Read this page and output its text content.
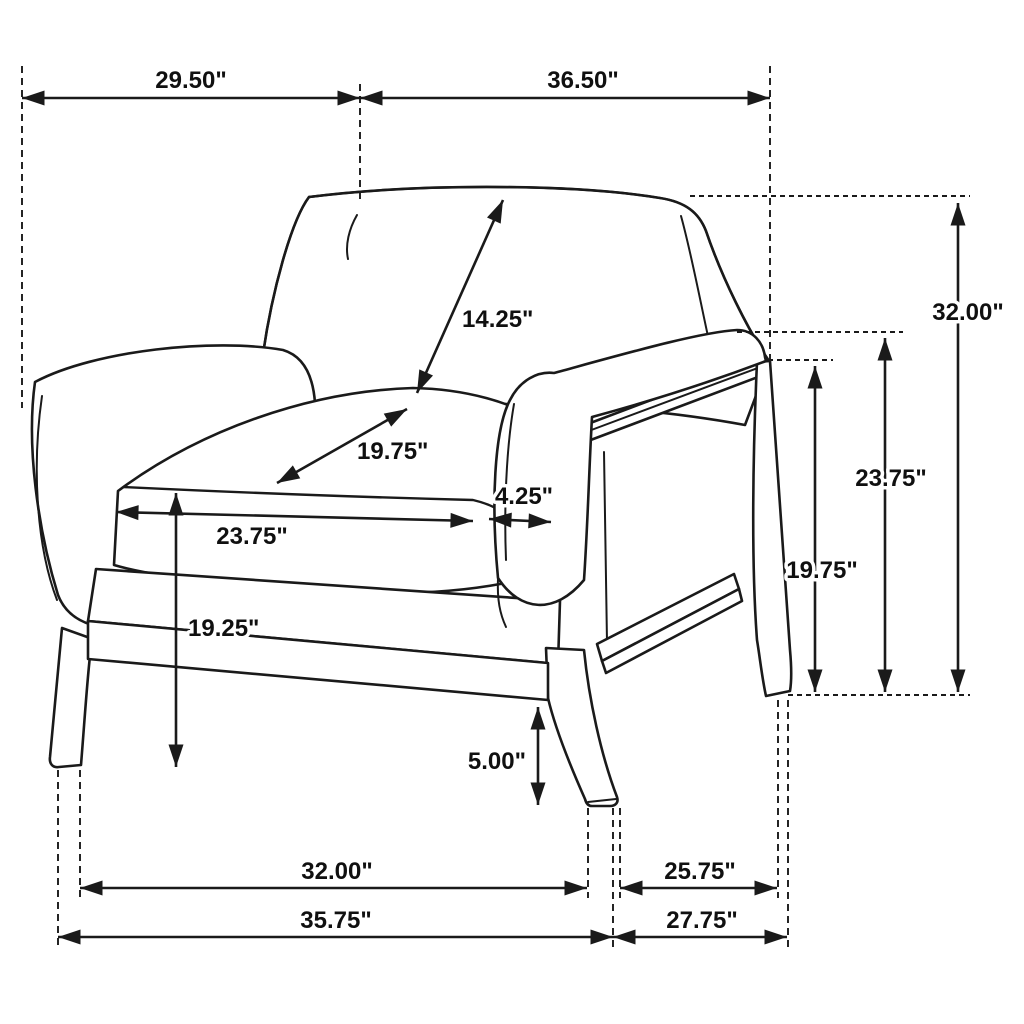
29.50"	36.50"
14.25"
19.75"
23.75"
4.25"
32.00"
23.75"
19.75"
19.25"
5.00"
32.00"	25.75"
35.75"	27.75"
